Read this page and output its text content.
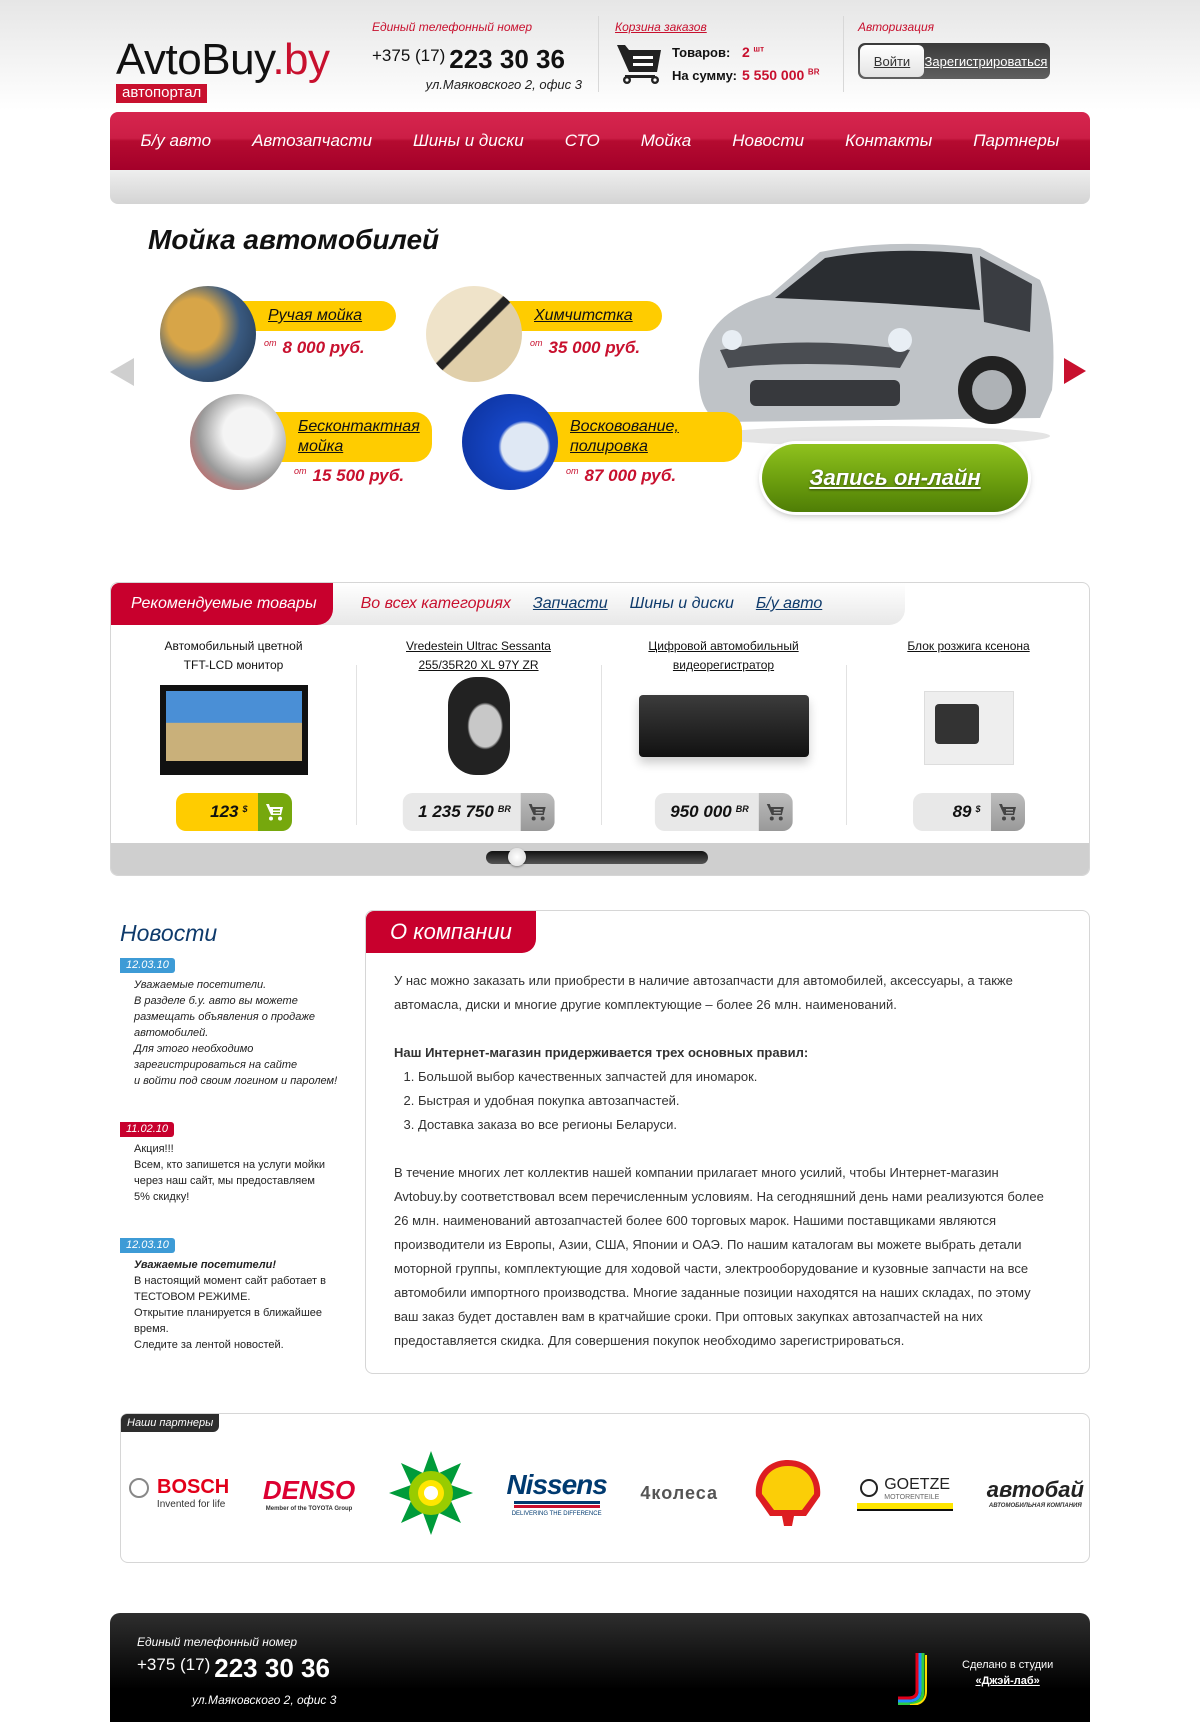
AvtoBuy.by
автопортал
Единый телефонный номер
+375 (17) 223 30 36
ул.Маяковского 2, офис 3
Корзина заказов
Товаров: 2 $^{шт}$
На сумму: 5 550 000 $^{BR}$
Авторизация
Войти	Зарегистрироваться
Б/у авто Автозапчасти Шины и диски СТО Мойка Новости Контакты Партнеры
Мойка автомобилей
Ручая мойка
$^{от}$ 8 000 руб.
Химчитстка
$^{от}$ 35 000 руб.
Бесконтактная
мойка
$^{от}$ 15 500 руб.
Восковование,
полировка
$^{от}$ 87 000 руб.	Запись он-лайн
Рекомендуемые товары	Во всех категориях Запчасти Шины и диски Б/у авто
Автомобильный цветной
TFT-LCD монитор
123 $
Vredestein Ultrac Sessanta
255/35R20 XL 97Y ZR
1 235 750 $^{BR}$
Цифровой автомобильный
видеорегистратор
950 000 $^{BR}$
Блок розжига ксенона
89 $
Новости
12.03.10
Уважаемые посетители.
В разделе б.у. авто вы можете
размещать объявления о продаже
автомобилей.
Для этого необходимо
зарегистрироваться на сайте
и войти под своим логином и паролем!
11.02.10
Акция!!!
Всем, кто запишется на услуги мойки
через наш сайт, мы предоставляем
5% скидку!
12.03.10
Уважаемые посетители!
В настоящий момент сайт работает в
ТЕСТОВОМ РЕЖИМЕ.
Открытие планируется в ближайшее
время.
Следите за лентой новостей.
О компании

У нас можно заказать или приобрести в наличие автозапчасти для автомобилей, аксессуары, а также автомасла, диски и многие другие комплектующие – более 26 млн. наименований.

Наш Интернет-магазин придерживается трех основных правил:
1. Большой выбор качественных запчастей для иномарок.
2. Быстрая и удобная покупка автозапчастей.
3. Доставка заказа во все регионы Беларуси.

В течение многих лет коллектив нашей компании прилагает много усилий, чтобы Интернет-магазин Avtobuy.by соответствовал всем перечисленным условиям. На сегодняшний день нами реализуются более 26 млн. наименований автозапчастей более 600 торговых марок. Нашими поставщиками являются производители из Европы, Азии, США, Японии и ОАЭ. По нашим каталогам вы можете выбрать детали моторной группы, комплектующие для ходовой части, электрооборудование и кузовные запчасти на все автомобили импортного производства. Многие заданные позиции находятся на наших складах, по этому ваш заказ будет доставлен вам в кратчайшие сроки. При оптовых закупках автозапчастей на них предоставляется скидка. Для совершения покупок необходимо зарегистрироваться.

Наши партнеры
BOSCH
Invented for life DENSO
Member of the TOYOTA Group
Nissens
DELIVERING THE DIFFERENCE
4колеса	GOETZE
MOTORENTEILE	автобай
АВТОМОБИЛЬНАЯ КОМПАНИЯ
Единый телефонный номер
+375 (17) 223 30 36
ул.Маяковского 2, офис 3
Сделано в студии
«Джэй-лаб»
